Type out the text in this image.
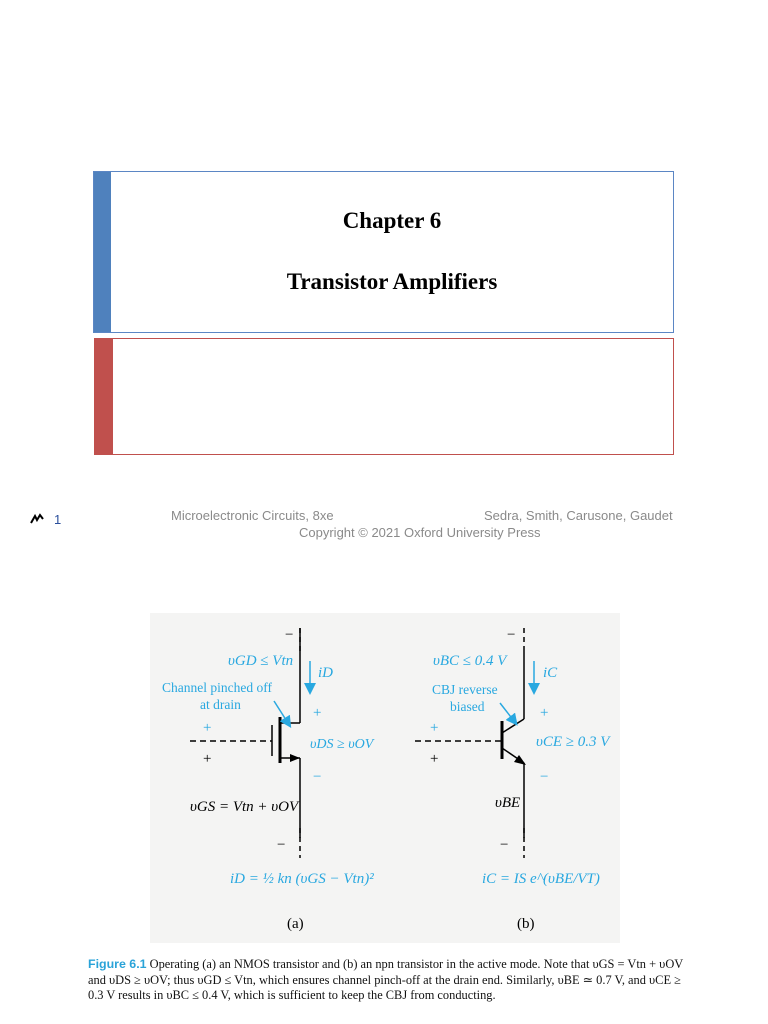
Chapter 6
Transistor Amplifiers
1	Microelectronic Circuits, 8xe	Sedra, Smith, Carusone, Gaudet
Copyright © 2021 Oxford University Press
−
υGD ≤ Vtn
iD
Channel pinched off
at drain
+
+
υDS ≥ υOV
+
−
υGS = Vtn + υOV
−
iD = ½ kn (υGS − Vtn)²
(a)
−
υBC ≤ 0.4 V
iC
CBJ reverse
biased	+
+
υCE ≥ 0.3 V
+
−
υBE
−
iC = IS e^(υBE/VT)
(b)
Figure 6.1 Operating (a) an NMOS transistor and (b) an npn transistor in the active mode. Note that υGS = Vtn + υOV and υDS ≥ υOV; thus υGD ≤ Vtn, which ensures channel pinch-off at the drain end. Similarly, υBE ≃ 0.7 V, and υCE ≥ 0.3 V results in υBC ≤ 0.4 V, which is sufficient to keep the CBJ from conducting.
